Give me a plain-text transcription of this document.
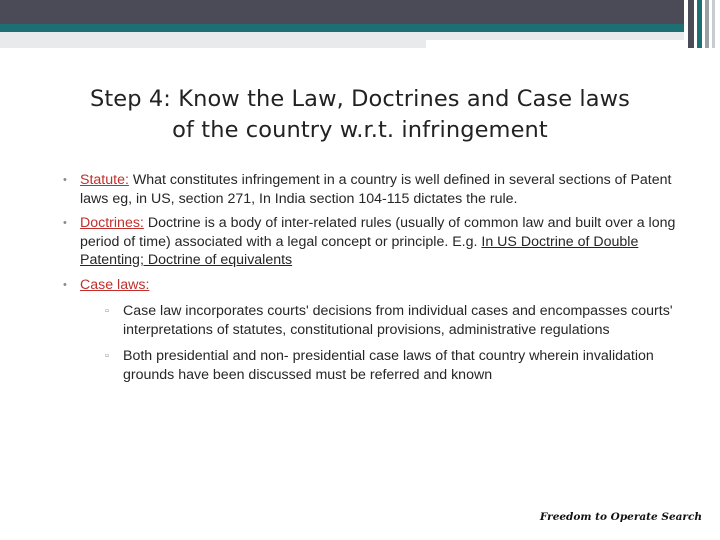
Step 4: Know the Law, Doctrines and Case laws
of the country w.r.t. infringement
• Statute: What constitutes infringement in a country is well defined in several sections of Patent laws eg, in US, section 271, In India section 104-115 dictates the rule.
• Doctrines: Doctrine is a body of inter-related rules (usually of common law and built over a long period of time) associated with a legal concept or principle. E.g. In US Doctrine of Double Patenting; Doctrine of equivalents
• Case laws:
▫ Case law incorporates courts' decisions from individual cases and encompasses courts' interpretations of statutes, constitutional provisions, administrative regulations
▫ Both presidential and non- presidential case laws of that country wherein invalidation grounds have been discussed must be referred and known
Freedom to Operate Search
